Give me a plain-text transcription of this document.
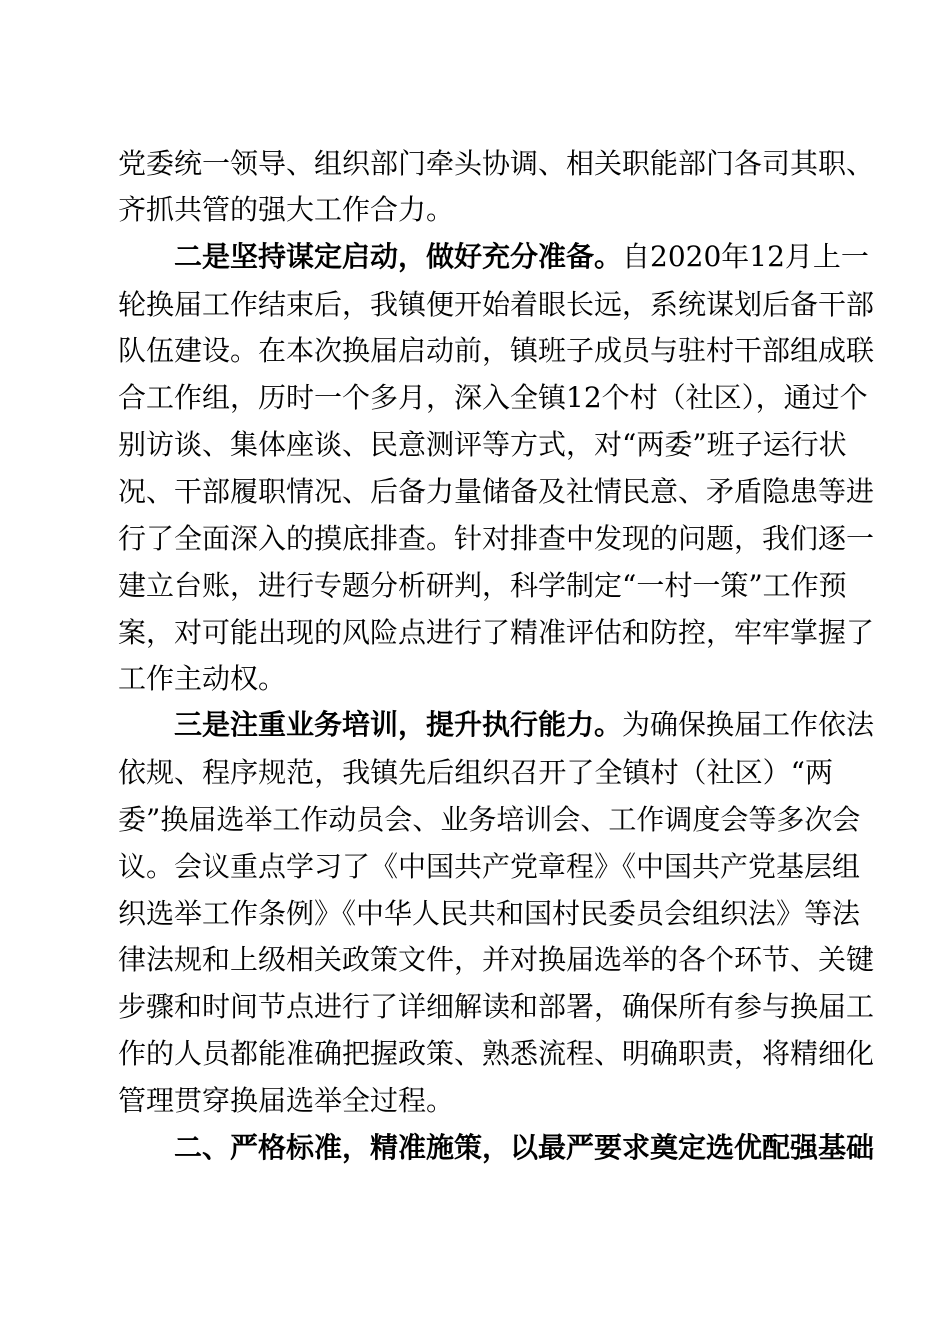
党委统一领导、组织部门牵头协调、相关职能部门各司其职、
齐抓共管的强大工作合力。
二是坚持谋定启动，做好充分准备。自2020年12月上一
轮换届工作结束后，我镇便开始着眼长远，系统谋划后备干部
队伍建设。在本次换届启动前，镇班子成员与驻村干部组成联
合工作组，历时一个多月，深入全镇12个村（社区），通过个
别访谈、集体座谈、民意测评等方式，对“两委”班子运行状
况、干部履职情况、后备力量储备及社情民意、矛盾隐患等进
行了全面深入的摸底排查。针对排查中发现的问题，我们逐一
建立台账，进行专题分析研判，科学制定“一村一策”工作预
案，对可能出现的风险点进行了精准评估和防控，牢牢掌握了
工作主动权。
三是注重业务培训，提升执行能力。为确保换届工作依法
依规、程序规范，我镇先后组织召开了全镇村（社区）“两
委”换届选举工作动员会、业务培训会、工作调度会等多次会
议。会议重点学习了《中国共产党章程》《中国共产党基层组
织选举工作条例》《中华人民共和国村民委员会组织法》等法
律法规和上级相关政策文件，并对换届选举的各个环节、关键
步骤和时间节点进行了详细解读和部署，确保所有参与换届工
作的人员都能准确把握政策、熟悉流程、明确职责，将精细化
管理贯穿换届选举全过程。
二、严格标准，精准施策，以最严要求奠定选优配强基础
